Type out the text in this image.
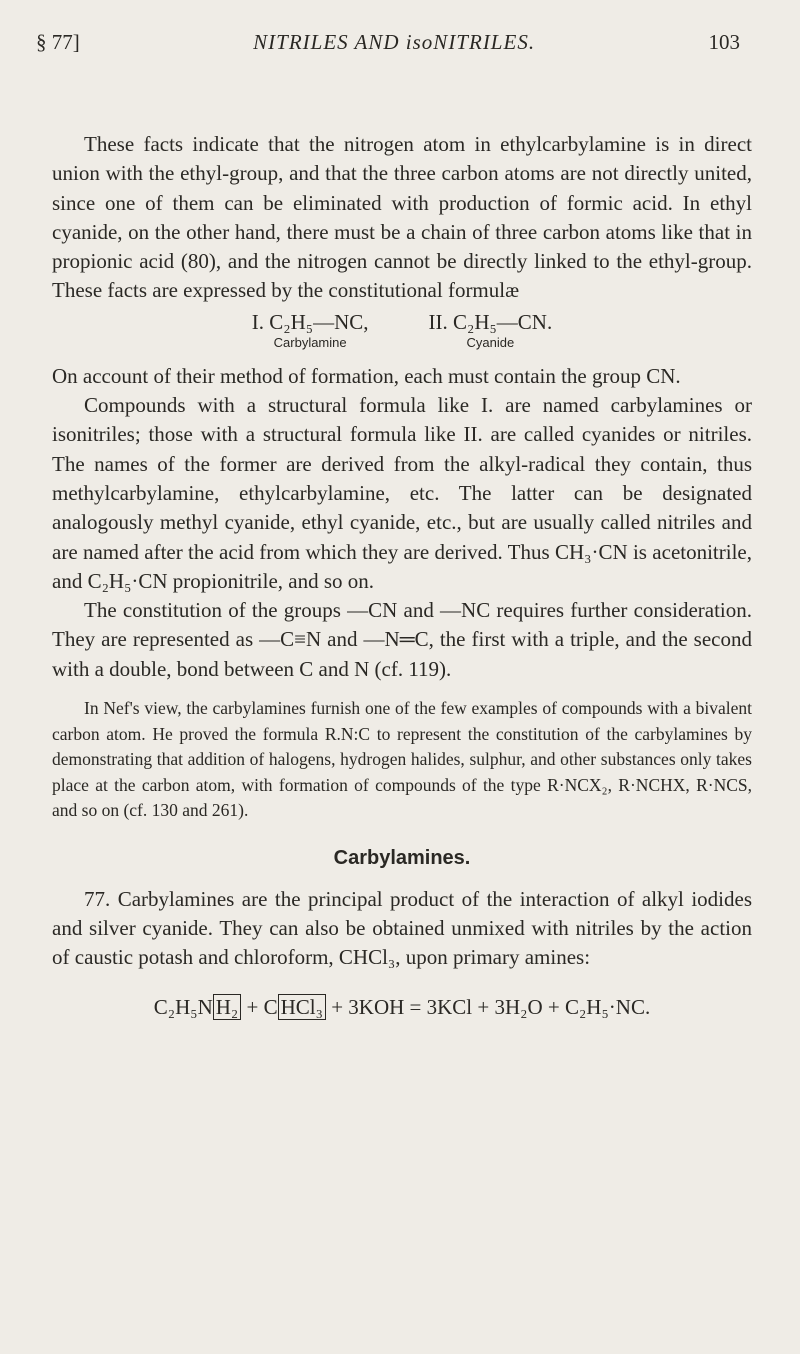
§ 77]	NITRILES AND isoNITRILES.	103

These facts indicate that the nitrogen atom in ethylcarbylamine is in direct union with the ethyl-group, and that the three carbon atoms are not directly united, since one of them can be eliminated with production of formic acid. In ethyl cyanide, on the other hand, there must be a chain of three carbon atoms like that in propionic acid (80), and the nitrogen cannot be directly linked to the ethyl-group. These facts are expressed by the constitutional formulæ

I. C₂H₅—NC,
Carbylamine
II. C₂H₅—CN.
Cyanide

On account of their method of formation, each must contain the group CN.

Compounds with a structural formula like I. are named carbylamines or isonitriles; those with a structural formula like II. are called cyanides or nitriles. The names of the former are derived from the alkyl-radical they contain, thus methylcarbylamine, ethylcarbylamine, etc. The latter can be designated analogously methyl cyanide, ethyl cyanide, etc., but are usually called nitriles and are named after the acid from which they are derived. Thus CH₃·CN is acetonitrile, and C₂H₅·CN propionitrile, and so on.

The constitution of the groups —CN and —NC requires further consideration. They are represented as —C≡N and —N═C, the first with a triple, and the second with a double, bond between C and N (cf. 119).

In Nef's view, the carbylamines furnish one of the few examples of compounds with a bivalent carbon atom. He proved the formula R.N:C to represent the constitution of the carbylamines by demonstrating that addition of halogens, hydrogen halides, sulphur, and other substances only takes place at the carbon atom, with formation of compounds of the type R·NCX₂, R·NCHX, R·NCS, and so on (cf. 130 and 261).

Carbylamines.

77. Carbylamines are the principal product of the interaction of alkyl iodides and silver cyanide. They can also be obtained unmixed with nitriles by the action of caustic potash and chloroform, CHCl₃, upon primary amines:

C₂H₅N H₂ + C HCl₃ + 3KOH = 3KCl + 3H₂O + C₂H₅·NC.
